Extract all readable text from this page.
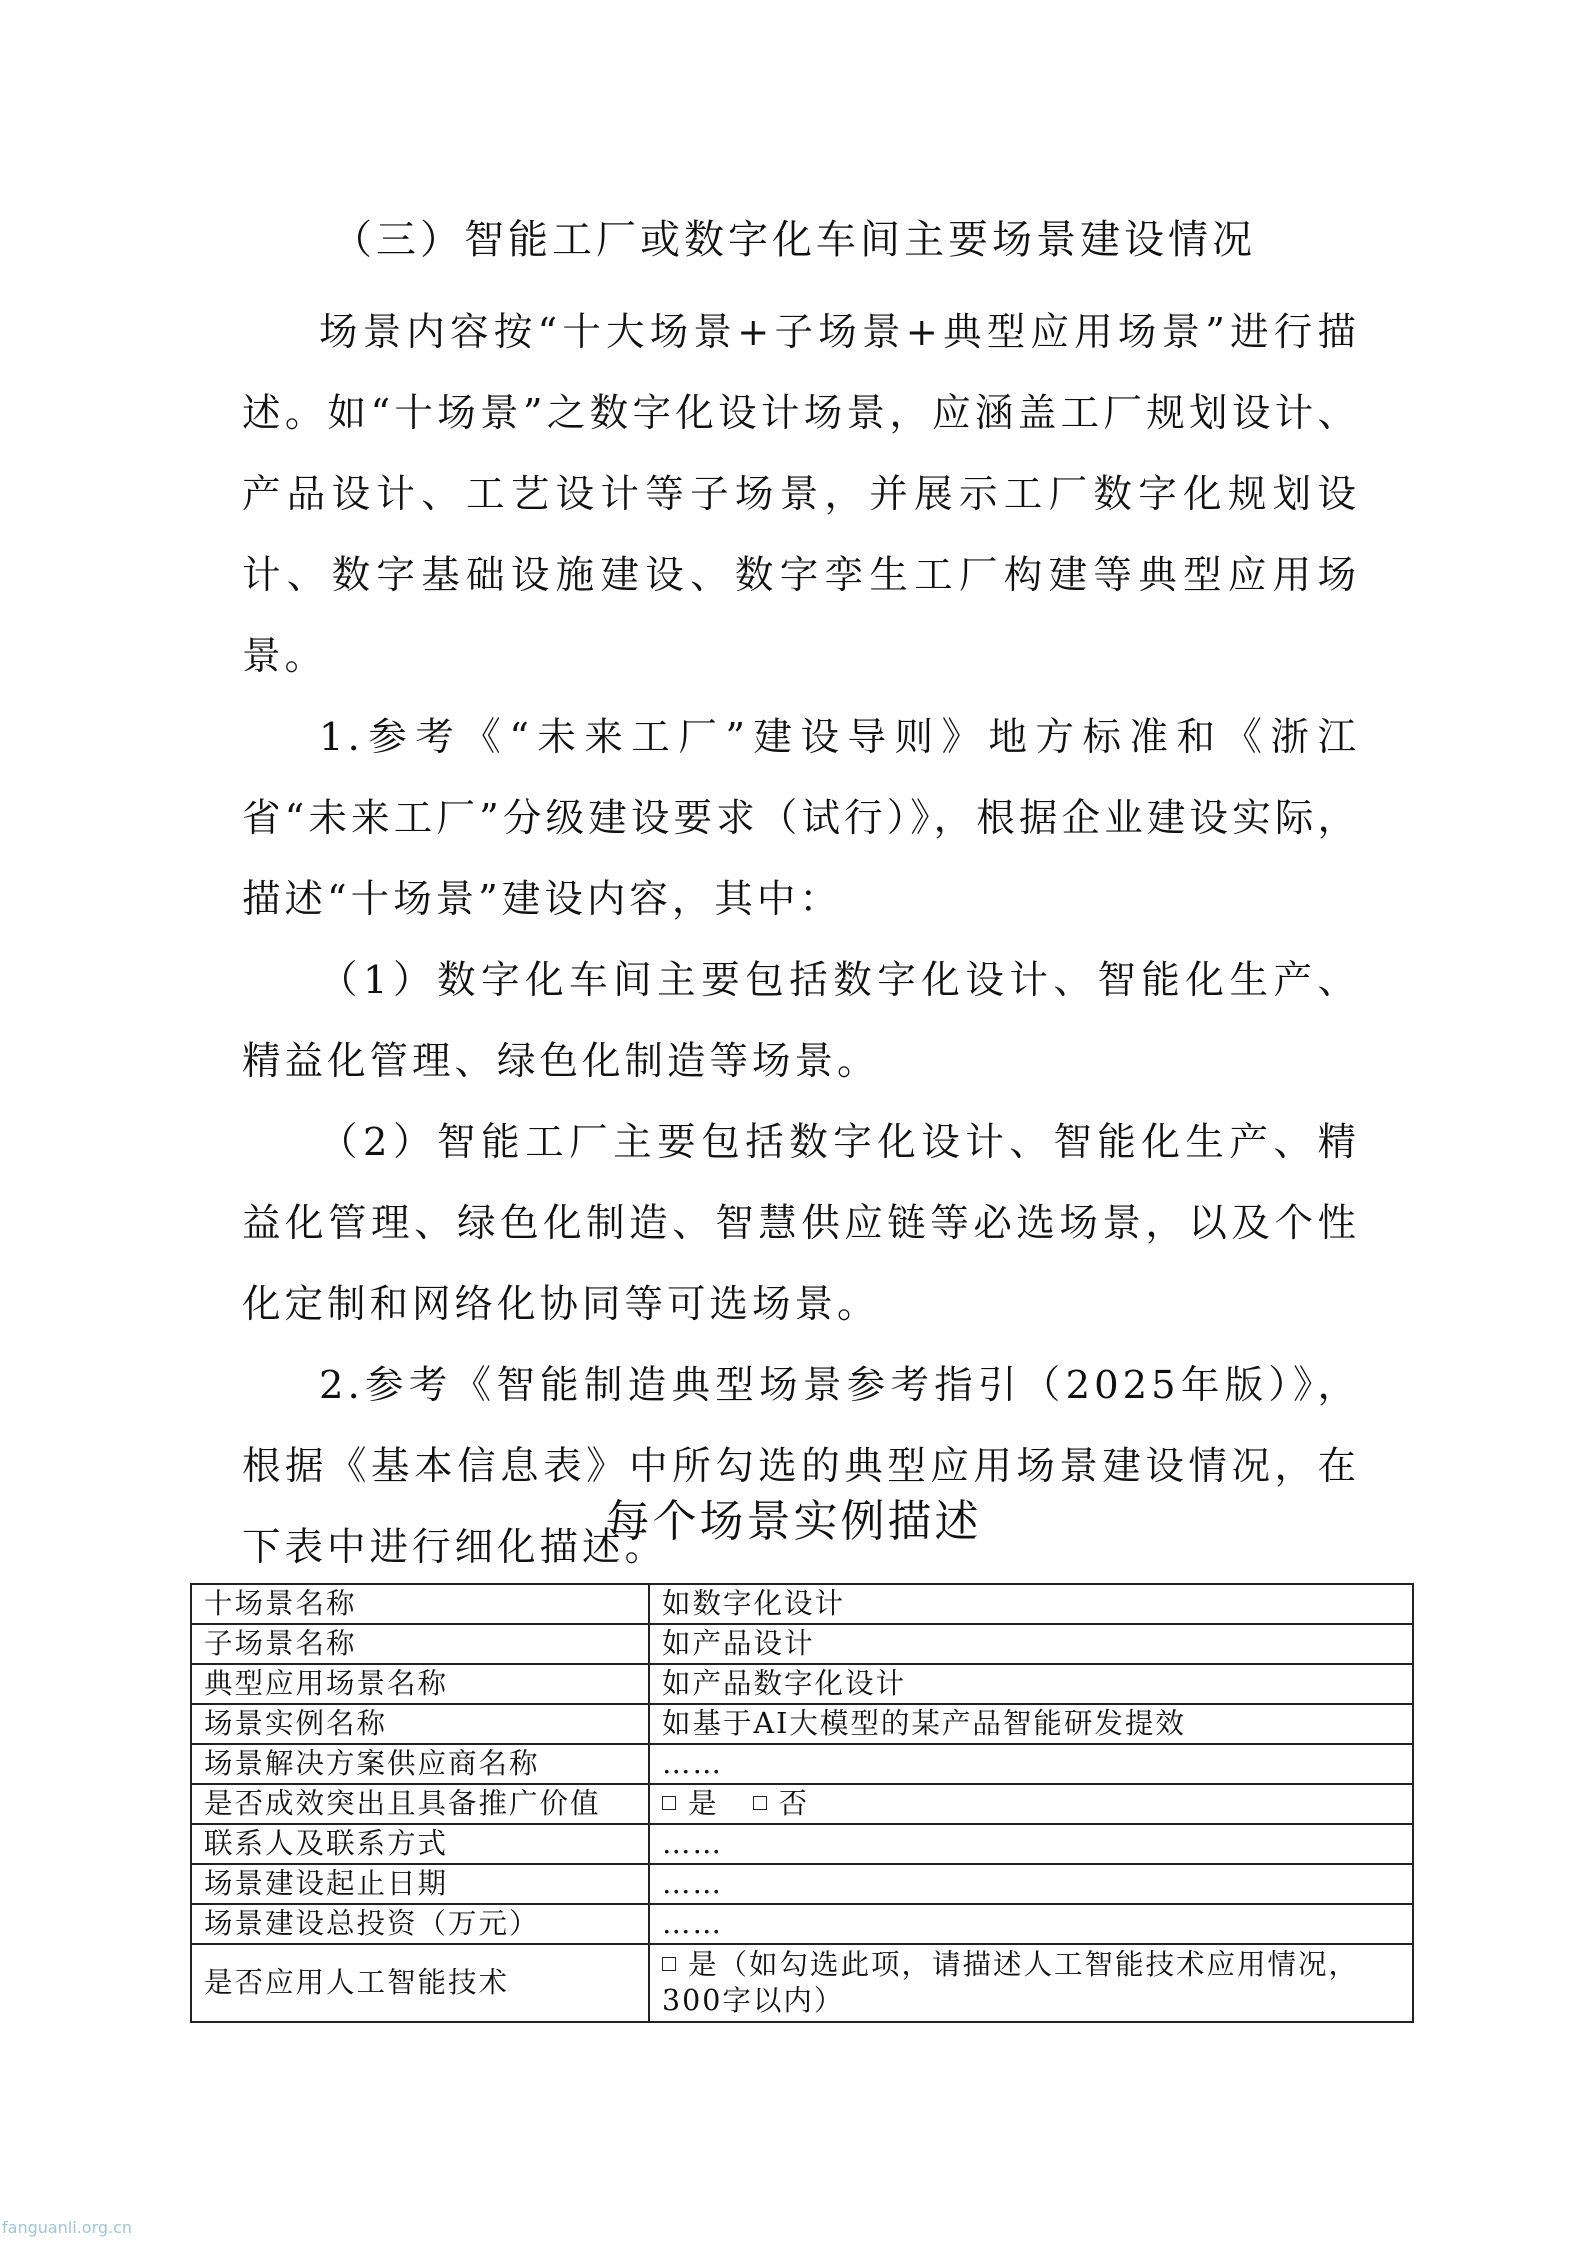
（三）智能工厂或数字化车间主要场景建设情况

场景内容按“十大场景+子场景+典型应用场景”进行描述。如“十场景”之数字化设计场景，应涵盖工厂规划设计、产品设计、工艺设计等子场景，并展示工厂数字化规划设计、数字基础设施建设、数字孪生工厂构建等典型应用场景。

1.参考《“未来工厂”建设导则》地方标准和《浙江省“未来工厂”分级建设要求（试行）》，根据企业建设实际，描述“十场景”建设内容，其中：

（1）数字化车间主要包括数字化设计、智能化生产、精益化管理、绿色化制造等场景。

（2）智能工厂主要包括数字化设计、智能化生产、精益化管理、绿色化制造、智慧供应链等必选场景，以及个性化定制和网络化协同等可选场景。

2.参考《智能制造典型场景参考指引（2025年版）》，根据《基本信息表》中所勾选的典型应用场景建设情况，在下表中进行细化描述。

每个场景实例描述
十场景名称	如数字化设计
子场景名称	如产品设计
典型应用场景名称	如产品数字化设计
场景实例名称	如基于AI大模型的某产品智能研发提效
场景解决方案供应商名称	……
是否成效突出且具备推广价值	是 否
联系人及联系方式	……
场景建设起止日期	……
场景建设总投资（万元）	……
是否应用人工智能技术	是（如勾选此项，请描述人工智能技术应用情况，300字以内）
fanguanli.org.cn
